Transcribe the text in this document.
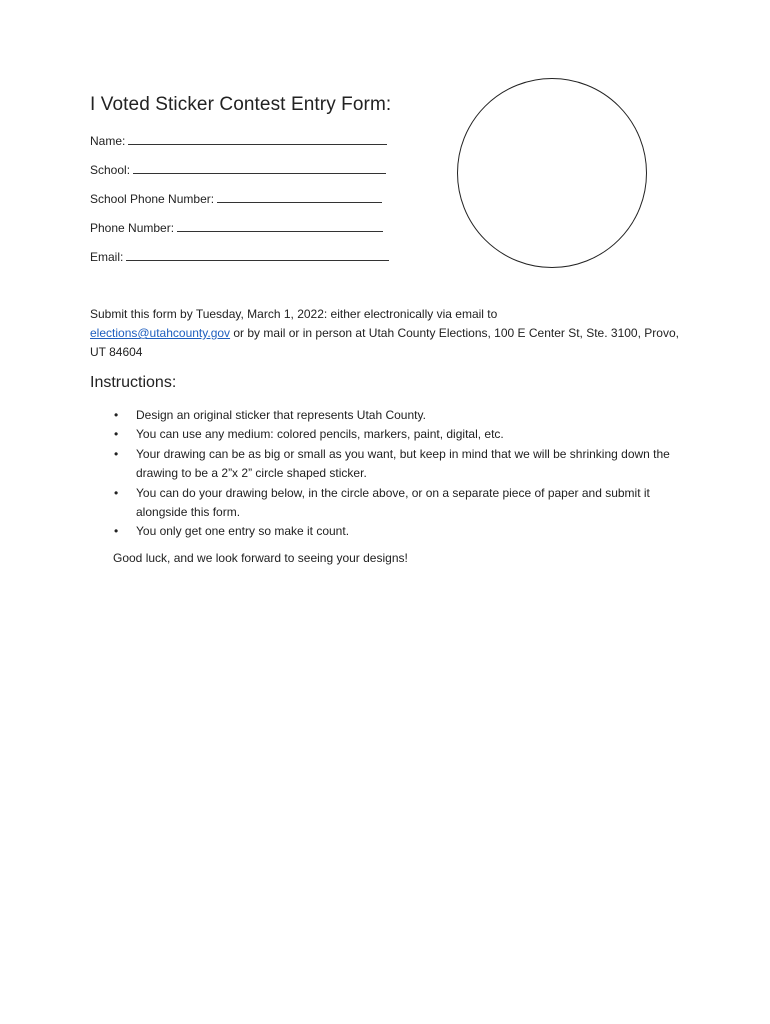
I Voted Sticker Contest Entry Form:
Name:
School:
School Phone Number:
Phone Number:
Email:

Submit this form by Tuesday, March 1, 2022: either electronically via email to
elections@utahcounty.gov or by mail or in person at Utah County Elections, 100 E Center St, Ste. 3100, Provo, UT 84604

Instructions:
• Design an original sticker that represents Utah County.
• You can use any medium: colored pencils, markers, paint, digital, etc.
• Your drawing can be as big or small as you want, but keep in mind that we will be shrinking down the drawing to be a 2”x 2” circle shaped sticker.
• You can do your drawing below, in the circle above, or on a separate piece of paper and submit it alongside this form.
• You only get one entry so make it count.
Good luck, and we look forward to seeing your designs!
